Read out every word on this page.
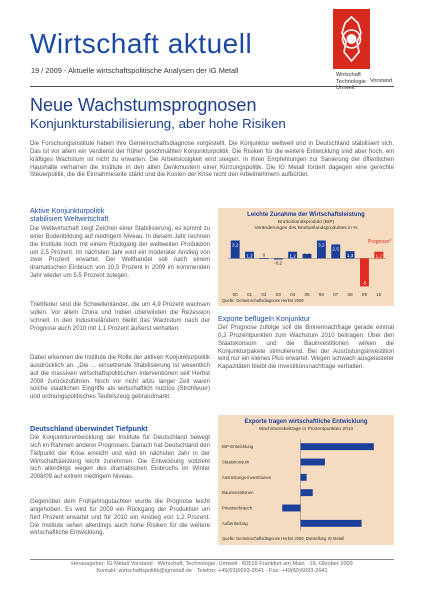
Wirtschaft aktuell
19 / 2009 - Aktuelle wirtschaftspolitische Analysen der IG Metall	Wirtschaft
Technologie
Umwelt
Vorstand
Neue Wachstumsprognosen
Konjunkturstabilisierung, aber hohe Risiken
Die Forschungsinstitute haben ihre Gemeinschaftsdiagnose vorgestellt. Die Konjunktur weltweit und in Deutschland stabilisiert sich. Das ist vor allem ein Verdienst der früher geschmähten Konjunkturpolitik. Die Risiken für die weitere Entwicklung sind aber hoch, ein kräftiges Wachstum ist nicht zu erwarten. Die Arbeitslosigkeit wird steigen. In ihren Empfehlungen zur Sanierung der öffentlichen Haushalte verharren die Institute in den alten Denkmustern einer Kürzungspolitik. Die IG Metall fordert dagegen eine gerechte Steuerpolitik, die die Einnahmeseite stärkt und die Kosten der Krise nicht den Arbeitnehmern aufbürdet.
Aktive Konjunkturpolitik
stabilisiert Weltwirtschaft
Die Weltwirtschaft zeigt Zeichen einer Stabilisierung, es kommt zu einer Bodenbildung auf niedrigem Niveau. In diesem Jahr rechnen die Institute noch mit einem Rückgang der weltweiten Produktion um 2,5 Prozent. Im nächsten Jahr wird ein moderater Anstieg von zwei Prozent erwartet. Der Welthandel soll nach einem dramatischen Einbruch von 10,5 Prozent in 2009 im kommenden Jahr wieder um 5,5 Prozent zulegen.
Triebfeder sind die Schwellenländer, die um 4,9 Prozent wachsen sollen. Vor allem China und Indien überwinden die Rezession schnell. In den Industrieländern bleibt das Wachstum nach der Prognose auch 2010 mit 1,1 Prozent äußerst verhalten.
Dabei erkennen die Institute die Rolle der aktiven Konjunkturpolitik ausdrücklich an. „Die ... einsetzende Stabilisierung ist wesentlich auf die massiven wirtschaftspolitischen Interventionen seit Herbst 2008 zurückzuführen. Noch vor nicht allzu langer Zeit waren solche staatlichen Eingriffe als wirtschaftlich nutzlos (Strohfeuer) und ordnungspolitisches Teufelszeug gebrandmarkt.
Deutschland überwindet Tiefpunkt
Die Konjunkturentwicklung der Institute für Deutschland bewegt sich im Rahmen anderer Prognosen. Danach hat Deutschland den Tiefpunkt der Krise erreicht und wird im nächsten Jahr in der Wirtschaftsleistung leicht zunehmen. Die Entwicklung vollzieht sich allerdings wegen des dramatischen Einbruchs im Winter 2008/09 auf extrem niedrigem Niveau.
Gegenüber dem Frühjahrsgutachten wurde die Prognose leicht angehoben. Es wird für 2009 ein Rückgang der Produktion um fünf Prozent erwartet und für 2010 ein Anstieg von 1,2 Prozent. Die Institute sehen allerdings auch hohe Risiken für die weitere wirtschaftliche Entwicklung.
Exporte beflügeln Konjunktur
Der Prognose zufolge soll die Binnennachfrage gerade einmal 0,2 Prozentpunkten zum Wachstum 2010 beitragen. Über den Staatskonsum und die Bauinvestitionen wirken die Konjunkturpakete stimulierend. Bei der Ausrüstungsinvestition wird nur ein kleines Plus erwartet. Wegen schwach ausgelasteter Kapazitäten bleibt die Investitionsnachfrage verhalten.
Leichte Zunahme der Wirtschaftsleistung
Bruttoinlandsprodukt (BIP)
Veränderungen des Bruttoinlandsproduktes in %
Prognose*
3,2
1,2 0
-0,2
1,2 0,8
3,2
2,5
1,3
-5
1,2
00 01 02 03 04 05 06 07 08 09 10
Quelle: Gemeinschaftsdiagnose Herbst 2009
Exporte tragen wirtschaftliche Entwicklung
Wachstumsbeiträge in Prozentpunkten 2010
BIP-Entwicklung
Staatskonsum
Ausrüstungs-investitionen
Bauinvestitionen
Privatverbrauch
Außenbeitrag
Quelle: Gemeinschaftsdiagnose Herbst 2009, Darstellung IG Metall
Herausgeber: IG Metall Vorstand · Wirtschaft, Technologie, Umwelt · 60519 Frankfurt am Main · 16. Oktober 2009
Kontakt: wirtschaftspolitik@igmetall.de · Telefon: +49(69)6693-2641 · Fax: +49(69)6693-2641
